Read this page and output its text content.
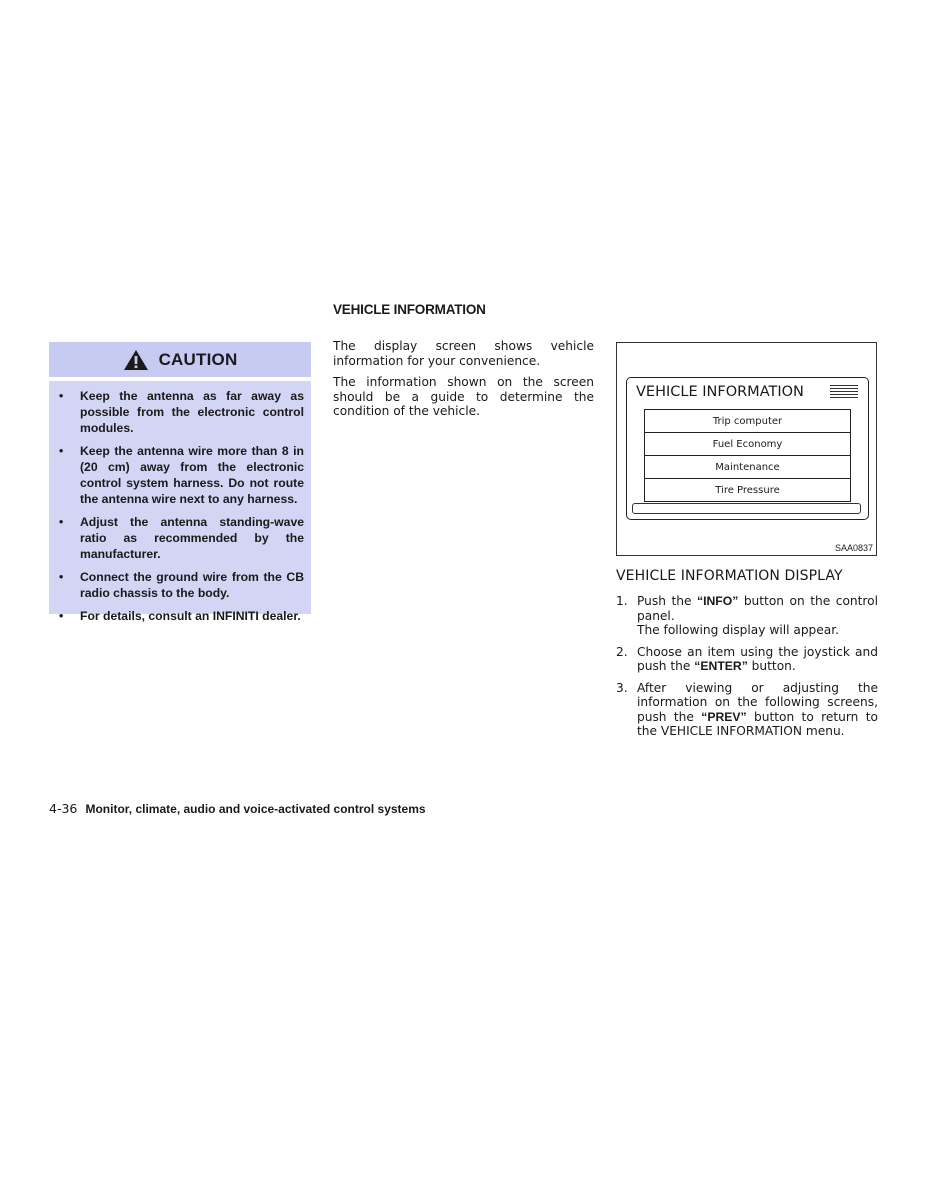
CAUTION
• Keep the antenna as far away as possible from the electronic control modules.
• Keep the antenna wire more than 8 in (20 cm) away from the electronic control system harness. Do not route the antenna wire next to any harness.
• Adjust the antenna standing-wave ratio as recommended by the manufacturer.
• Connect the ground wire from the CB radio chassis to the body.
• For details, consult an INFINITI dealer.
VEHICLE INFORMATION

The display screen shows vehicle information for your convenience.

The information shown on the screen should be a guide to determine the condition of the vehicle.

VEHICLE INFORMATION
Trip computer
Fuel Economy
Maintenance
Tire Pressure
SAA0837
VEHICLE INFORMATION DISPLAY
1. Push the “INFO” button on the control panel.
The following display will appear.
2. Choose an item using the joystick and push the “ENTER” button.
3. After viewing or adjusting the information on the following screens, push the “PREV” button to return to the VEHICLE INFORMATION menu.
4-36 Monitor, climate, audio and voice-activated control systems
